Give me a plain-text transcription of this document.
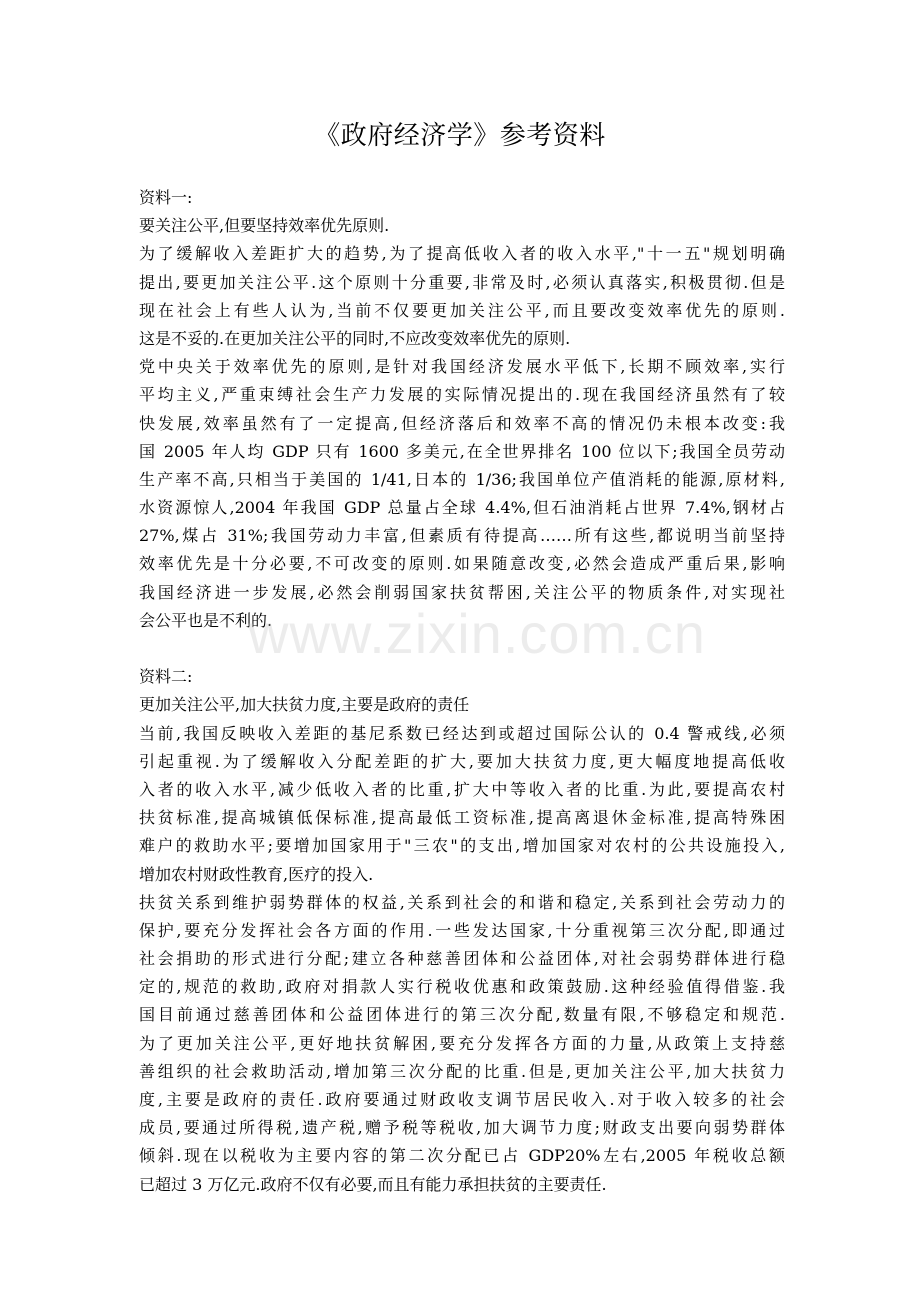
《政府经济学》参考资料
资料一:
要关注公平,但要坚持效率优先原则.
为了缓解收入差距扩大的趋势,为了提高低收入者的收入水平,"十一五"规划明确
提出,要更加关注公平.这个原则十分重要,非常及时,必须认真落实,积极贯彻.但是
现在社会上有些人认为,当前不仅要更加关注公平,而且要改变效率优先的原则.
这是不妥的.在更加关注公平的同时,不应改变效率优先的原则.
党中央关于效率优先的原则,是针对我国经济发展水平低下,长期不顾效率,实行
平均主义,严重束缚社会生产力发展的实际情况提出的.现在我国经济虽然有了较
快发展,效率虽然有了一定提高,但经济落后和效率不高的情况仍未根本改变:我
国 2005 年人均 GDP 只有 1600 多美元,在全世界排名 100 位以下;我国全员劳动
生产率不高,只相当于美国的 1/41,日本的 1/36;我国单位产值消耗的能源,原材料,
水资源惊人,2004 年我国 GDP 总量占全球 4.4%,但石油消耗占世界 7.4%,钢材占
27%,煤占 31%;我国劳动力丰富,但素质有待提高……所有这些,都说明当前坚持
效率优先是十分必要,不可改变的原则.如果随意改变,必然会造成严重后果,影响
我国经济进一步发展,必然会削弱国家扶贫帮困,关注公平的物质条件,对实现社
会公平也是不利的.
资料二:
更加关注公平,加大扶贫力度,主要是政府的责任
当前,我国反映收入差距的基尼系数已经达到或超过国际公认的 0.4 警戒线,必须
引起重视.为了缓解收入分配差距的扩大,要加大扶贫力度,更大幅度地提高低收
入者的收入水平,减少低收入者的比重,扩大中等收入者的比重.为此,要提高农村
扶贫标准,提高城镇低保标准,提高最低工资标准,提高离退休金标准,提高特殊困
难户的救助水平;要增加国家用于"三农"的支出,增加国家对农村的公共设施投入,
增加农村财政性教育,医疗的投入.
扶贫关系到维护弱势群体的权益,关系到社会的和谐和稳定,关系到社会劳动力的
保护,要充分发挥社会各方面的作用.一些发达国家,十分重视第三次分配,即通过
社会捐助的形式进行分配;建立各种慈善团体和公益团体,对社会弱势群体进行稳
定的,规范的救助,政府对捐款人实行税收优惠和政策鼓励.这种经验值得借鉴.我
国目前通过慈善团体和公益团体进行的第三次分配,数量有限,不够稳定和规范.
为了更加关注公平,更好地扶贫解困,要充分发挥各方面的力量,从政策上支持慈
善组织的社会救助活动,增加第三次分配的比重.但是,更加关注公平,加大扶贫力
度,主要是政府的责任.政府要通过财政收支调节居民收入.对于收入较多的社会
成员,要通过所得税,遗产税,赠予税等税收,加大调节力度;财政支出要向弱势群体
倾斜.现在以税收为主要内容的第二次分配已占 GDP20%左右,2005 年税收总额
已超过 3 万亿元.政府不仅有必要,而且有能力承担扶贫的主要责任.
www.zixin.com.cn
